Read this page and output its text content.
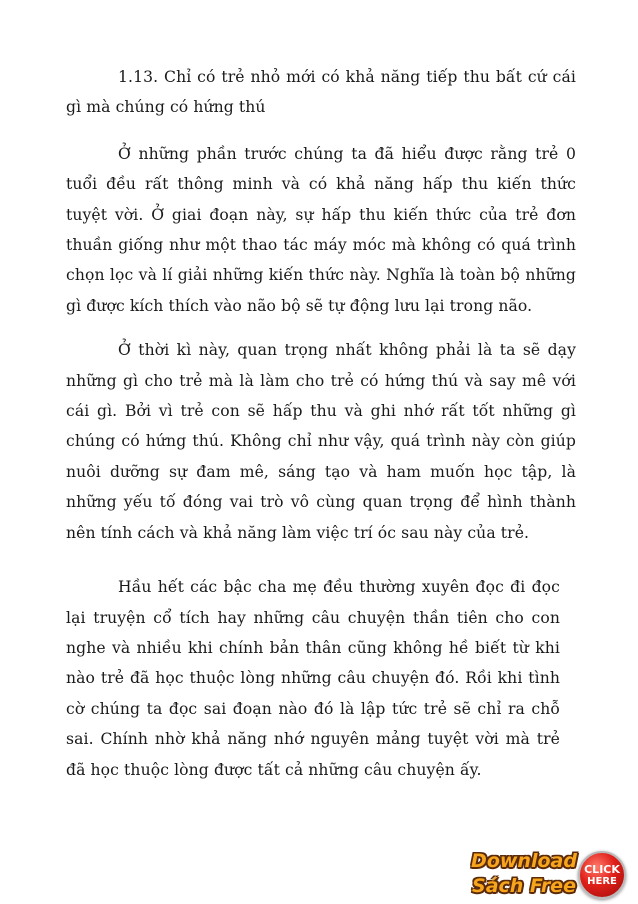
1.13. Chỉ có trẻ nhỏ mới có khả năng tiếp thu bất cứ cái gì mà chúng có hứng thú

Ở những phần trước chúng ta đã hiểu được rằng trẻ 0 tuổi đều rất thông minh và có khả năng hấp thu kiến thức tuyệt vời. Ở giai đoạn này, sự hấp thu kiến thức của trẻ đơn thuần giống như một thao tác máy móc mà không có quá trình chọn lọc và lí giải những kiến thức này. Nghĩa là toàn bộ những gì được kích thích vào não bộ sẽ tự động lưu lại trong não.

Ở thời kì này, quan trọng nhất không phải là ta sẽ dạy những gì cho trẻ mà là làm cho trẻ có hứng thú và say mê với cái gì. Bởi vì trẻ con sẽ hấp thu và ghi nhớ rất tốt những gì chúng có hứng thú. Không chỉ như vậy, quá trình này còn giúp nuôi dưỡng sự đam mê, sáng tạo và ham muốn học tập, là những yếu tố đóng vai trò vô cùng quan trọng để hình thành nên tính cách và khả năng làm việc trí óc sau này của trẻ.

Hầu hết các bậc cha mẹ đều thường xuyên đọc đi đọc lại truyện cổ tích hay những câu chuyện thần tiên cho con nghe và nhiều khi chính bản thân cũng không hề biết từ khi nào trẻ đã học thuộc lòng những câu chuyện đó. Rồi khi tình cờ chúng ta đọc sai đoạn nào đó là lập tức trẻ sẽ chỉ ra chỗ sai. Chính nhờ khả năng nhớ nguyên mảng tuyệt vời mà trẻ đã học thuộc lòng được tất cả những câu chuyện ấy.

Download
Sách Free
CLICK
HERE
